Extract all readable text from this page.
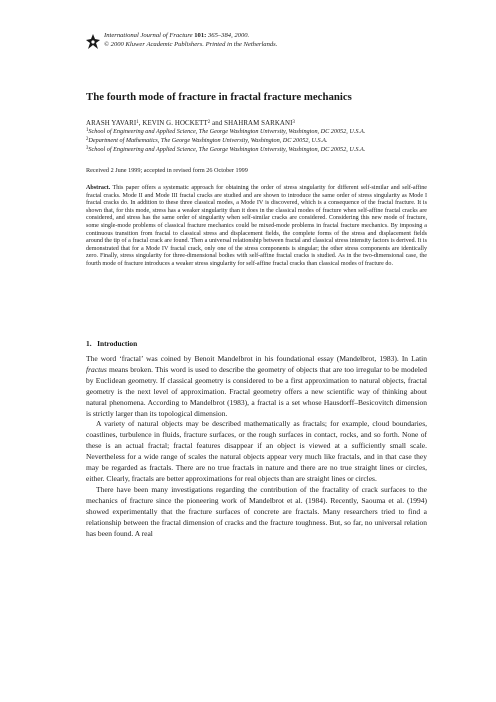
International Journal of Fracture 101: 365–384, 2000.
© 2000 Kluwer Academic Publishers. Printed in the Netherlands.
The fourth mode of fracture in fractal fracture mechanics
ARASH YAVARI$^1$, KEVIN G. HOCKETT$^2$ and SHAHRAM SARKANI$^3$
$^1$School of Engineering and Applied Science, The George Washington University, Washington, DC 20052, U.S.A.
$^2$Department of Mathematics, The George Washington University, Washington, DC 20052, U.S.A.
$^3$School of Engineering and Applied Science, The George Washington University, Washington, DC 20052, U.S.A.
Received 2 June 1999; accepted in revised form 26 October 1999
Abstract. This paper offers a systematic approach for obtaining the order of stress singularity for different self-similar and self-affine fractal cracks. Mode II and Mode III fractal cracks are studied and are shown to introduce the same order of stress singularity as Mode I fractal cracks do. In addition to these three classical modes, a Mode IV is discovered, which is a consequence of the fractal fracture. It is shown that, for this mode, stress has a weaker singularity than it does in the classical modes of fracture when self-affine fractal cracks are considered, and stress has the same order of singularity when self-similar cracks are considered. Considering this new mode of fracture, some single-mode problems of classical fracture mechanics could be mixed-mode problems in fractal fracture mechanics. By imposing a continuous transition from fractal to classical stress and displacement fields, the complete forms of the stress and displacement fields around the tip of a fractal crack are found. Then a universal relationship between fractal and classical stress intensity factors is derived. It is demonstrated that for a Mode IV fractal crack, only one of the stress components is singular; the other stress components are identically zero. Finally, stress singularity for three-dimensional bodies with self-affine fractal cracks is studied. As in the two-dimensional case, the fourth mode of fracture introduces a weaker stress singularity for self-affine fractal cracks than classical modes of fracture do.
1. Introduction

The word ‘fractal’ was coined by Benoit Mandelbrot in his foundational essay (Mandelbrot, 1983). In Latin fractus means broken. This word is used to describe the geometry of objects that are too irregular to be modeled by Euclidean geometry. If classical geometry is considered to be a first approximation to natural objects, fractal geometry is the next level of approximation. Fractal geometry offers a new scientific way of thinking about natural phenomena. According to Mandelbrot (1983), a fractal is a set whose Hausdorff–Besicovitch dimension is strictly larger than its topological dimension.

A variety of natural objects may be described mathematically as fractals; for example, cloud boundaries, coastlines, turbulence in fluids, fracture surfaces, or the rough surfaces in contact, rocks, and so forth. None of these is an actual fractal; fractal features disappear if an object is viewed at a sufficiently small scale. Nevertheless for a wide range of scales the natural objects appear very much like fractals, and in that case they may be regarded as fractals. There are no true fractals in nature and there are no true straight lines or circles, either. Clearly, fractals are better approximations for real objects than are straight lines or circles.

There have been many investigations regarding the contribution of the fractality of crack surfaces to the mechanics of fracture since the pioneering work of Mandelbrot et al. (1984). Recently, Saouma et al. (1994) showed experimentally that the fracture surfaces of concrete are fractals. Many researchers tried to find a relationship between the fractal dimension of cracks and the fracture toughness. But, so far, no universal relation has been found. A real
